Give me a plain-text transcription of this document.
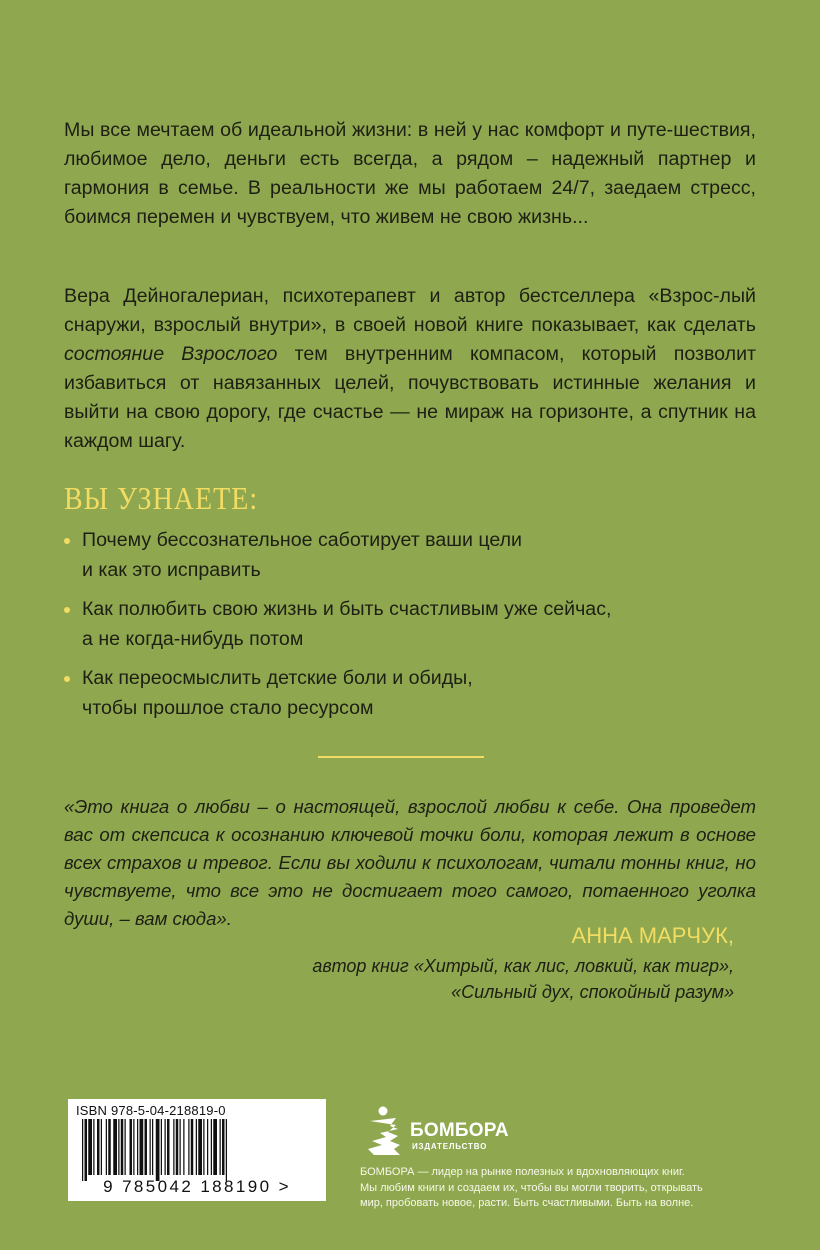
Мы все мечтаем об идеальной жизни: в ней у нас комфорт и путе-шествия, любимое дело, деньги есть всегда, а рядом – надежный партнер и гармония в семье. В реальности же мы работаем 24/7, заедаем стресс, боимся перемен и чувствуем, что живем не свою жизнь...

Вера Дейногалериан, психотерапевт и автор бестселлера «Взрос-лый снаружи, взрослый внутри», в своей новой книге показывает, как сделать состояние Взрослого тем внутренним компасом, который позволит избавиться от навязанных целей, почувствовать истинные желания и выйти на свою дорогу, где счастье — не мираж на горизонте, а спутник на каждом шагу.

ВЫ УЗНАЕТЕ:
Почему бессознательное саботирует ваши цели
и как это исправить
Как полюбить свою жизнь и быть счастливым уже сейчас,
а не когда-нибудь потом
Как переосмыслить детские боли и обиды,
чтобы прошлое стало ресурсом

«Это книга о любви – о настоящей, взрослой любви к себе. Она проведет вас от скепсиса к осознанию ключевой точки боли, которая лежит в основе всех страхов и тревог. Если вы ходили к психологам, читали тонны книг, но чувствуете, что все это не достигает того самого, потаенного уголка души, – вам сюда».

АННА МАРЧУК,

автор книг «Хитрый, как лис, ловкий, как тигр»,
«Сильный дух, спокойный разум»

ISBN 978-5-04-218819-0
9 785042 188190 >
БОМБОРА
ИЗДАТЕЛЬСТВО
БОМБОРА — лидер на рынке полезных и вдохновляющих книг.
Мы любим книги и создаем их, чтобы вы могли творить, открывать
мир, пробовать новое, расти. Быть счастливыми. Быть на волне.
